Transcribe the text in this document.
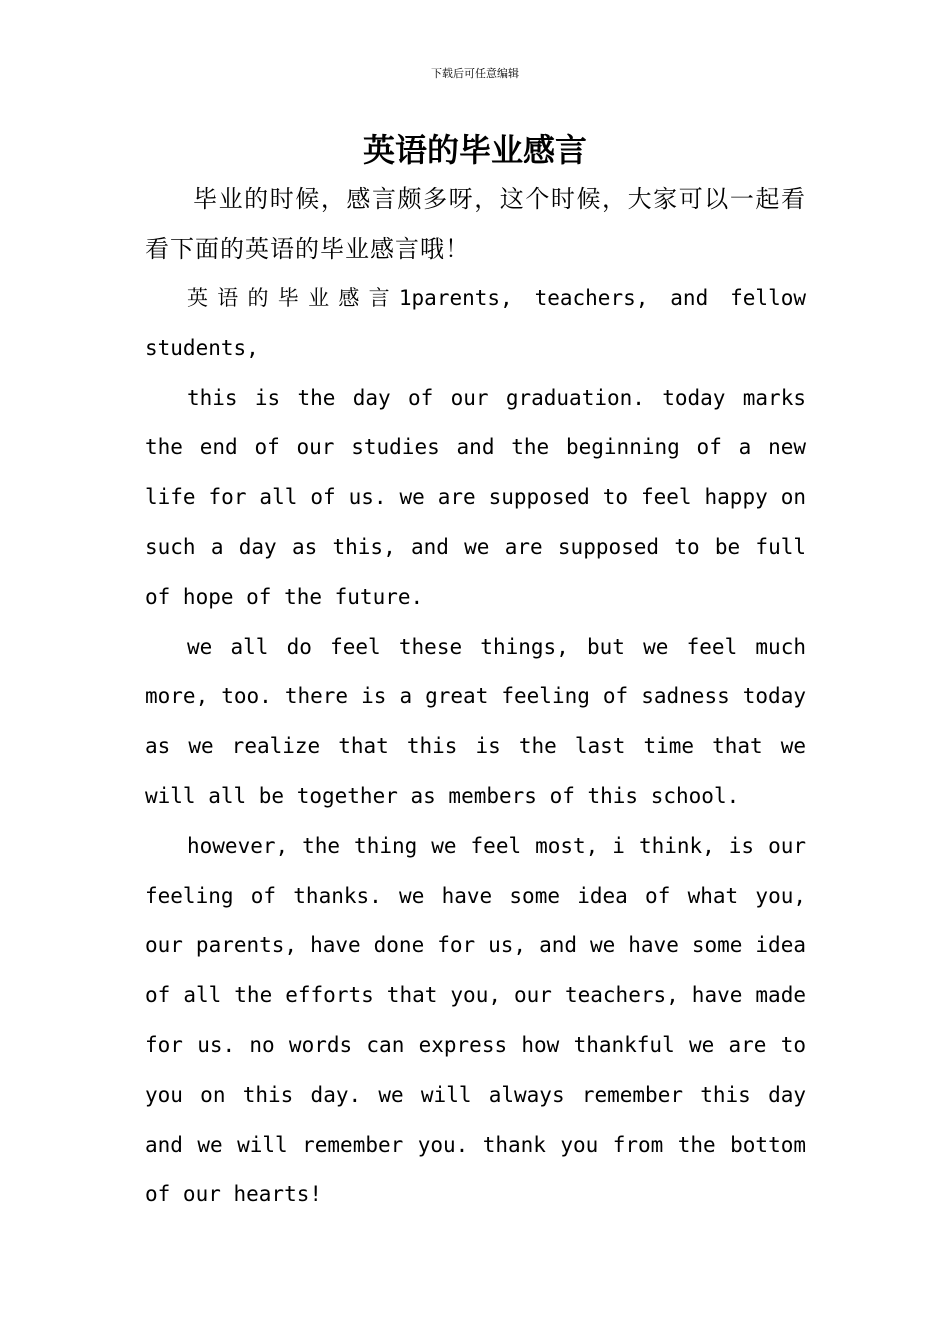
下载后可任意编辑
英语的毕业感言

毕业的时候，感言颇多呀，这个时候，大家可以一起看看下面的英语的毕业感言哦！

英语的毕业感言1parents, teachers, and fellow students,

this is the day of our graduation. today marks the end of our studies and the beginning of a new life for all of us. we are supposed to feel happy on such a day as this, and we are supposed to be full of hope of the future.

we all do feel these things, but we feel much more, too. there is a great feeling of sadness today as we realize that this is the last time that we will all be together as members of this school.

however, the thing we feel most, i think, is our feeling of thanks. we have some idea of what you, our parents, have done for us, and we have some idea of all the efforts that you, our teachers, have made for us. no words can express how thankful we are to you on this day. we will always remember this day and we will remember you. thank you from the bottom of our hearts!
